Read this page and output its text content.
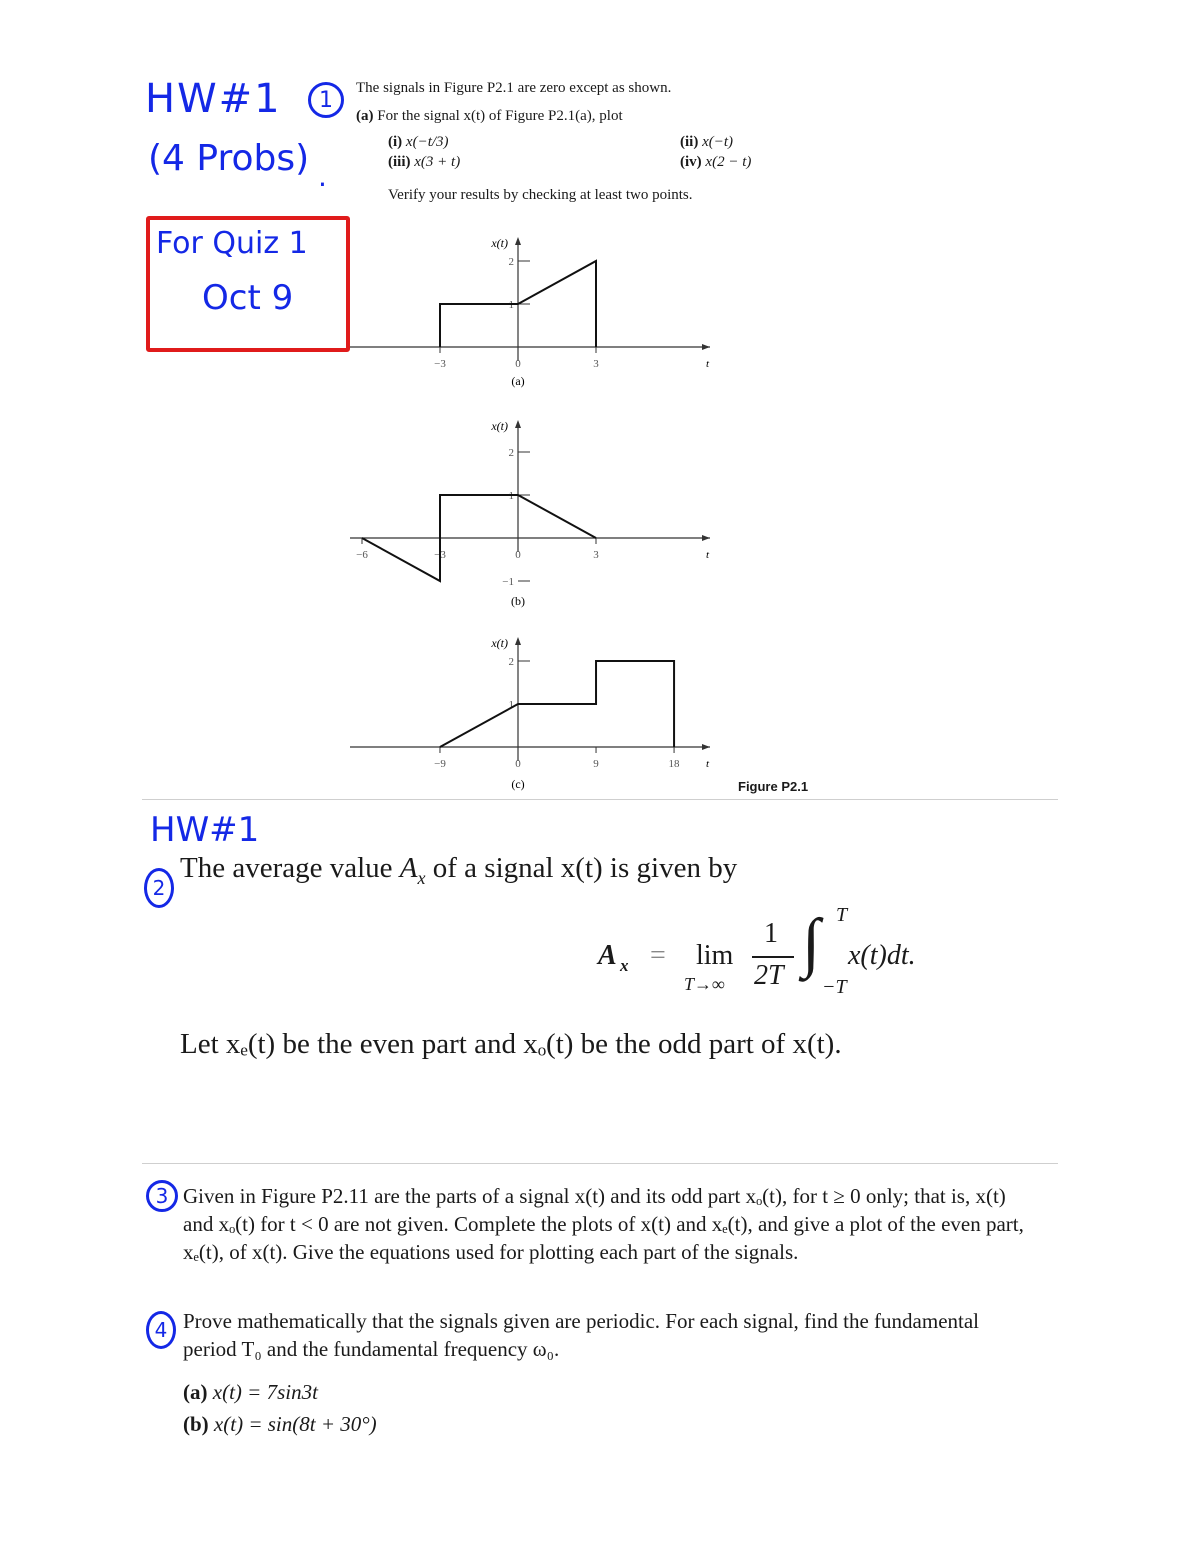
HW#1	1
(4 Probs) .
For Quiz 1
Oct 9
The signals in Figure P2.1 are zero except as shown.
(a) For the signal x(t) of Figure P2.1(a), plot
(i) x(−t/3)	(ii) x(−t)
(iii) x(3 + t)	(iv) x(2 − t)
Verify your results by checking at least two points.
1
2
−3	0	3
x(t)
t
(a)
−1
1
2
−6	−3	0	3
x(t)
t
(b)
1
2
−9	0	9	18
x(t)
t
(c)	Figure P2.1
HW#1
2
The average value $A_x$ of a signal x(t) is given by
A x = lim
T→∞
1
2T ∫ T
−T
x(t)dt.
Let xₑ(t) be the even part and xₒ(t) be the odd part of x(t).
3 Given in Figure P2.11 are the parts of a signal x(t) and its odd part xₒ(t), for t ≥ 0 only; that is, x(t) and xₒ(t) for t < 0 are not given. Complete the plots of x(t) and xₑ(t), and give a plot of the even part, xₑ(t), of x(t). Give the equations used for plotting each part of the signals.
4 Prove mathematically that the signals given are periodic. For each signal, find the fundamental period T₀ and the fundamental frequency ω₀.
(a) x(t) = 7sin3t
(b) x(t) = sin(8t + 30°)
